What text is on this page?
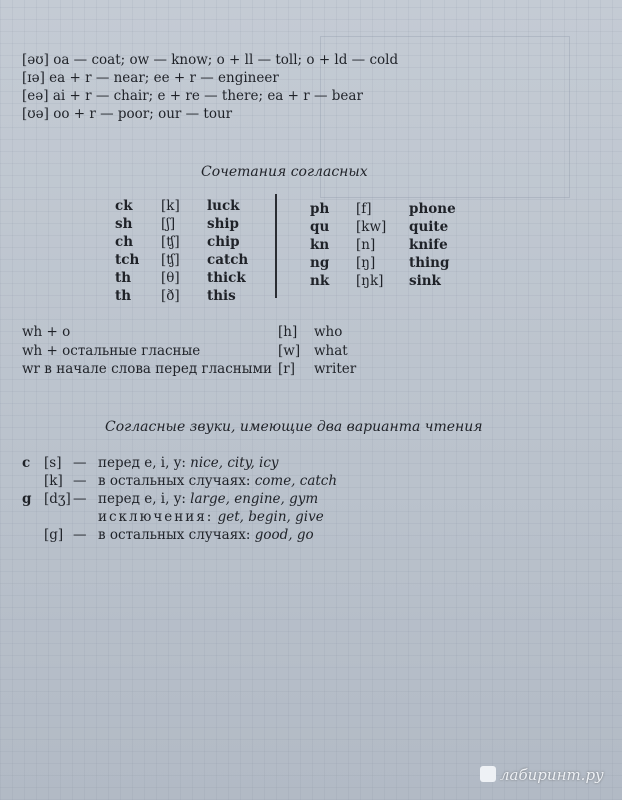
[əʊ] oa — coat; ow — know; o + ll — toll; o + ld — cold
[ɪə] ea + r — near; ee + r — engineer
[eə] ai + r — chair; e + re — there; ea + r — bear
[ʊə] oo + r — poor; our — tour
Сочетания согласных
ck [k] luck
sh [ʃ] ship
ch [ʧ] chip
tch [ʧ] catch
th [θ] thick
th [ð] this
ph [f]	phone
qu [kw] quite
kn [n]	knife
ng [ŋ]	thing
nk [ŋk] sink
wh + o	[h] who
wh + остальные гласные	[w] what
wr в начале слова перед гласными [r] writer
Согласные звуки, имеющие два варианта чтения
c [s] — перед e, i, y: nice, city, icy
[k] — в остальных случаях: come, catch
g [dʒ] — перед e, i, y: large, engine, gym
исключения: get, begin, give
[g] — в остальных случаях: good, go
лабиринт.ру
